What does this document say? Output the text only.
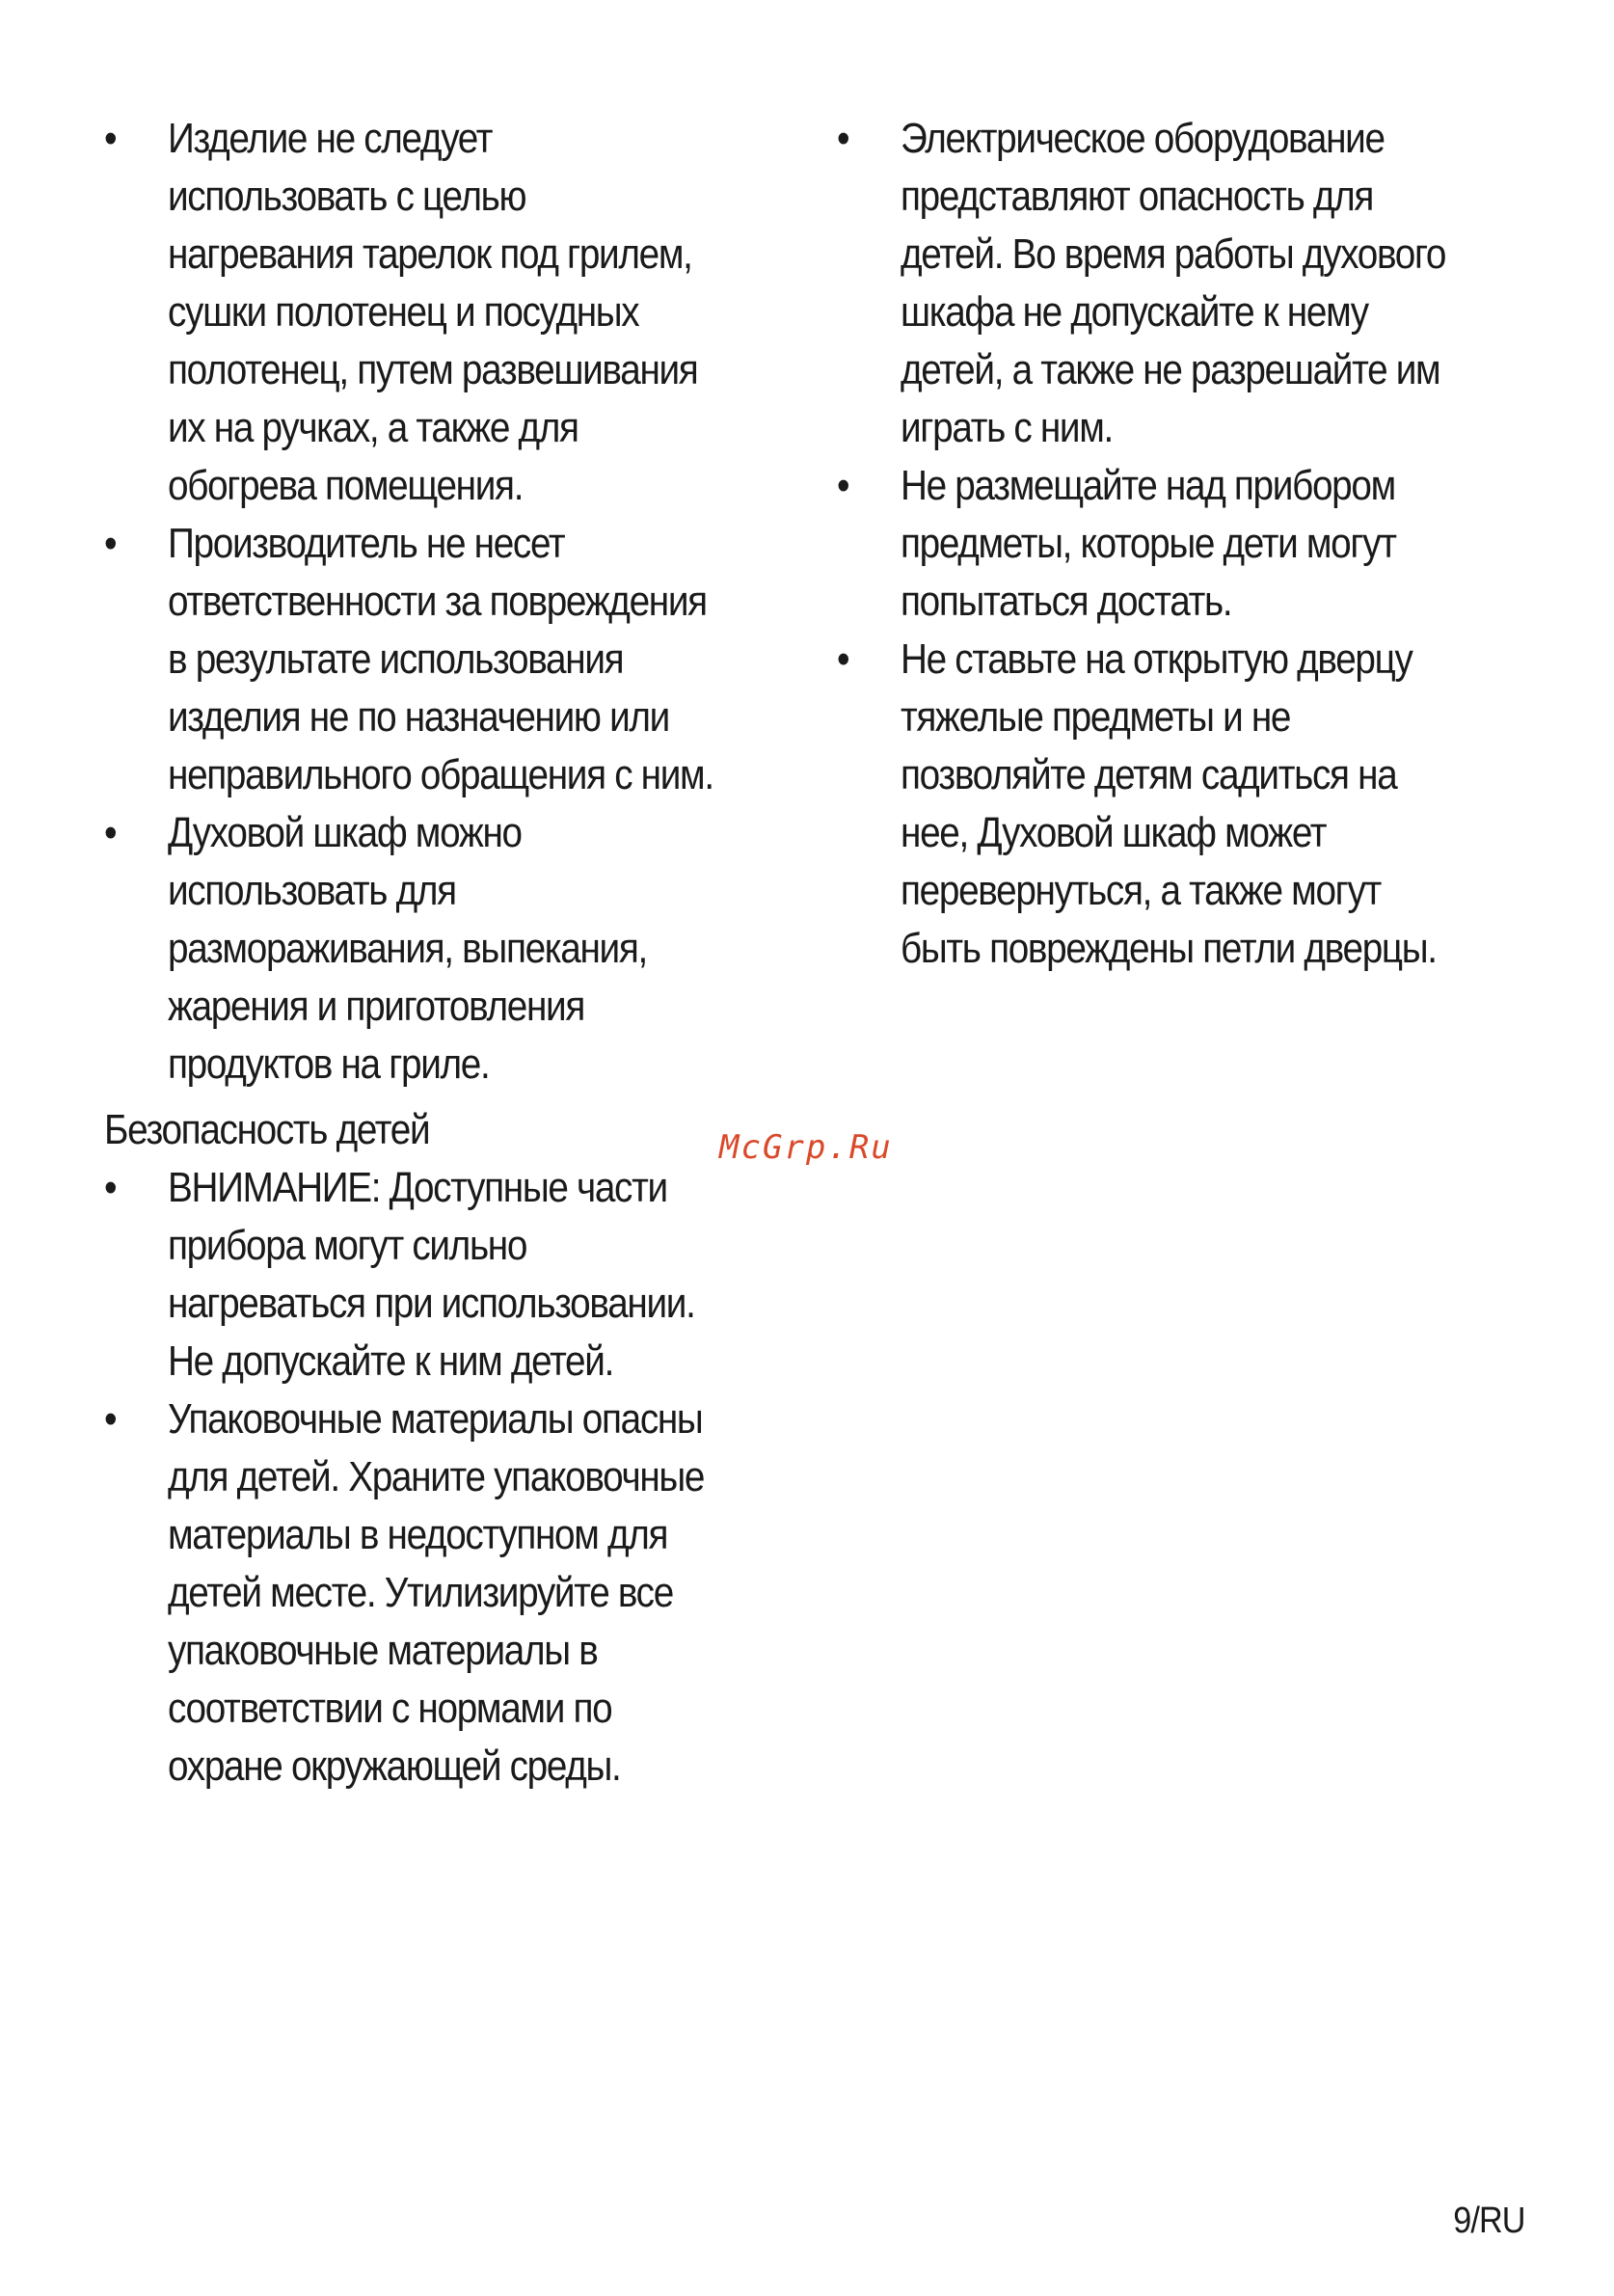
•	Изделие не следует использовать с целью нагревания тарелок под грилем, сушки полотенец и посудных полотенец, путем развешивания их на ручках, а также для обогрева помещения.
•	Производитель не несет ответственности за повреждения в результате использования изделия не по назначению или неправильного обращения с ним.
•	Духовой шкаф можно использовать для размораживания, выпекания, жарения и приготовления продуктов на гриле.
Безопасность детей
•	ВНИМАНИЕ: Доступные части прибора могут сильно нагреваться при использовании. Не допускайте к ним детей.
•	Упаковочные материалы опасны для детей. Храните упаковочные материалы в недоступном для детей месте. Утилизируйте все упаковочные материалы в соответствии с нормами по охране окружающей среды.
•	Электрическое оборудование представляют опасность для детей. Во время работы духового шкафа не допускайте к нему детей, а также не разрешайте им играть с ним.
•	Не размещайте над прибором предметы, которые дети могут попытаться достать.
•	Не ставьте на открытую дверцу тяжелые предметы и не позволяйте детям садиться на нее, Духовой шкаф может перевернуться, а также могут быть повреждены петли дверцы.
McGrp.Ru
9/RU
